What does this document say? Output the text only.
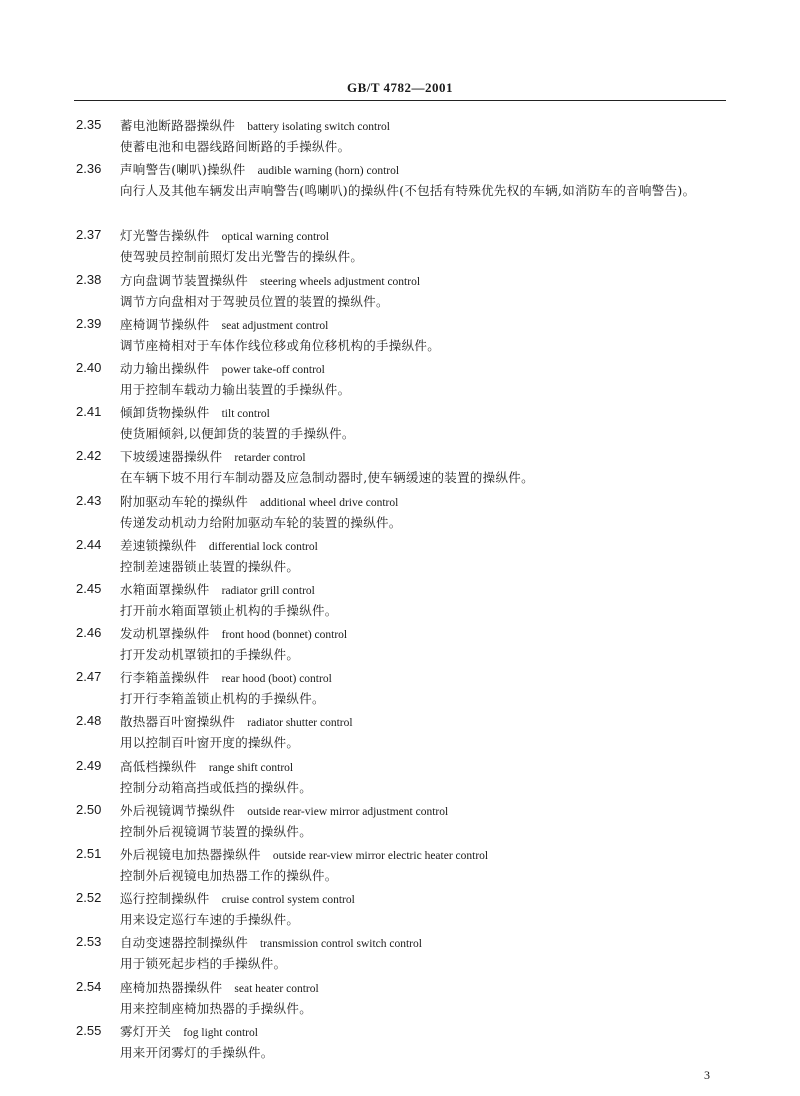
GB/T 4782—2001
2.35	蓄电池断路器操纵件 battery isolating switch control
使蓄电池和电器线路间断路的手操纵件。
2.36	声响警告(喇叭)操纵件 audible warning (horn) control
向行人及其他车辆发出声响警告(鸣喇叭)的操纵件(不包括有特殊优先权的车辆,如消防车的音响警告)。
2.37	灯光警告操纵件 optical warning control
使驾驶员控制前照灯发出光警告的操纵件。
2.38	方向盘调节装置操纵件 steering wheels adjustment control
调节方向盘相对于驾驶员位置的装置的操纵件。
2.39	座椅调节操纵件 seat adjustment control
调节座椅相对于车体作线位移或角位移机构的手操纵件。
2.40	动力输出操纵件 power take-off control
用于控制车载动力输出装置的手操纵件。
2.41	倾卸货物操纵件 tilt control
使货厢倾斜,以便卸货的装置的手操纵件。
2.42	下坡缓速器操纵件 retarder control
在车辆下坡不用行车制动器及应急制动器时,使车辆缓速的装置的操纵件。
2.43	附加驱动车轮的操纵件 additional wheel drive control
传递发动机动力给附加驱动车轮的装置的操纵件。
2.44	差速锁操纵件 differential lock control
控制差速器锁止装置的操纵件。
2.45	水箱面罩操纵件 radiator grill control
打开前水箱面罩锁止机构的手操纵件。
2.46	发动机罩操纵件 front hood (bonnet) control
打开发动机罩锁扣的手操纵件。
2.47	行李箱盖操纵件 rear hood (boot) control
打开行李箱盖锁止机构的手操纵件。
2.48	散热器百叶窗操纵件 radiator shutter control
用以控制百叶窗开度的操纵件。
2.49	高低档操纵件 range shift control
控制分动箱高挡或低挡的操纵件。
2.50	外后视镜调节操纵件 outside rear-view mirror adjustment control
控制外后视镜调节装置的操纵件。
2.51	外后视镜电加热器操纵件 outside rear-view mirror electric heater control
控制外后视镜电加热器工作的操纵件。
2.52	巡行控制操纵件 cruise control system control
用来设定巡行车速的手操纵件。
2.53	自动变速器控制操纵件 transmission control switch control
用于锁死起步档的手操纵件。
2.54	座椅加热器操纵件 seat heater control
用来控制座椅加热器的手操纵件。
2.55	雾灯开关 fog light control
用来开闭雾灯的手操纵件。
3
